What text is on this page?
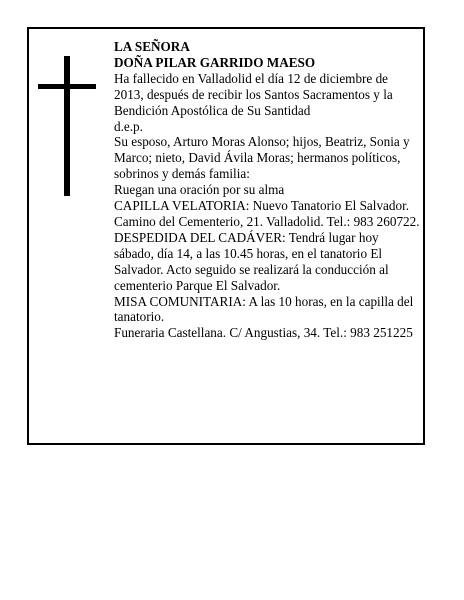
LA SEÑORA

DOÑA PILAR GARRIDO MAESO

Ha fallecido en Valladolid el día 12 de diciembre de 2013, después de recibir los Santos Sacramentos y la Bendición Apostólica de Su Santidad

d.e.p.

Su esposo, Arturo Moras Alonso; hijos, Beatriz, Sonia y Marco; nieto, David Ávila Moras; hermanos políticos, sobrinos y demás familia:

Ruegan una oración por su alma

CAPILLA VELATORIA: Nuevo Tanatorio El Salvador. Camino del Cementerio, 21. Valladolid. Tel.: 983 260722.

DESPEDIDA DEL CADÁVER: Tendrá lugar hoy sábado, día 14, a las 10.45 horas, en el tanatorio El Salvador. Acto seguido se realizará la conducción al cementerio Parque El Salvador.

MISA COMUNITARIA: A las 10 horas, en la capilla del tanatorio.

Funeraria Castellana. C/ Angustias, 34. Tel.: 983 251225
